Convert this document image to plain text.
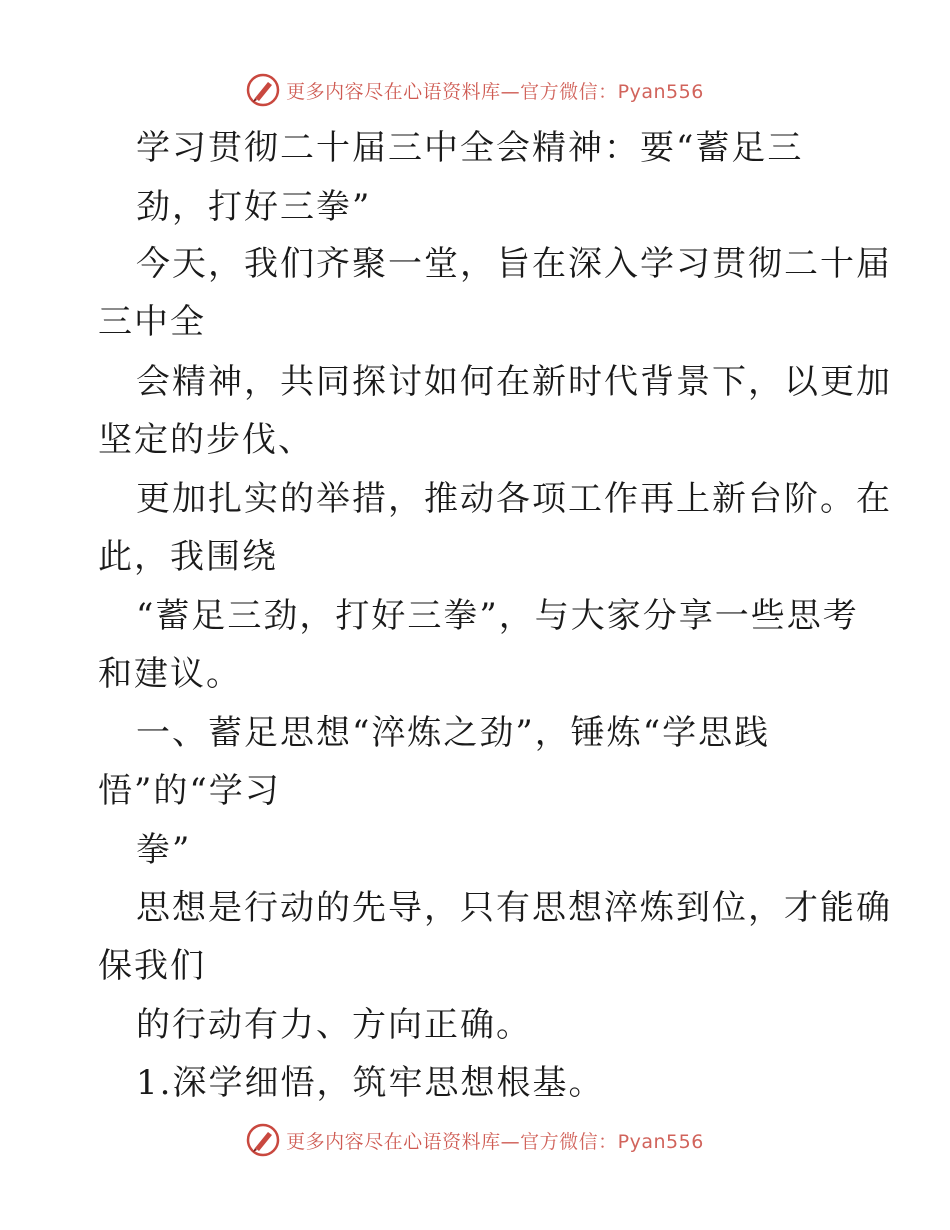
更多内容尽在心语资料库— 官方微信：Pyan556
学习贯彻二十届三中全会精神：要“蓄足三
劲，打好三拳”
今天，我们齐聚一堂，旨在深入学习贯彻二十届
三中全
会精神，共同探讨如何在新时代背景下，以更加
坚定的步伐、
更加扎实的举措，推动各项工作再上新台阶。在
此，我围绕
“蓄足三劲，打好三拳”，与大家分享一些思考
和建议。
一、蓄足思想“淬炼之劲”，锤炼“学思践
悟”的“学习
拳”
思想是行动的先导，只有思想淬炼到位，才能确
保我们
的行动有力、方向正确。
1.深学细悟，筑牢思想根基。
更多内容尽在心语资料库— 官方微信：Pyan556
